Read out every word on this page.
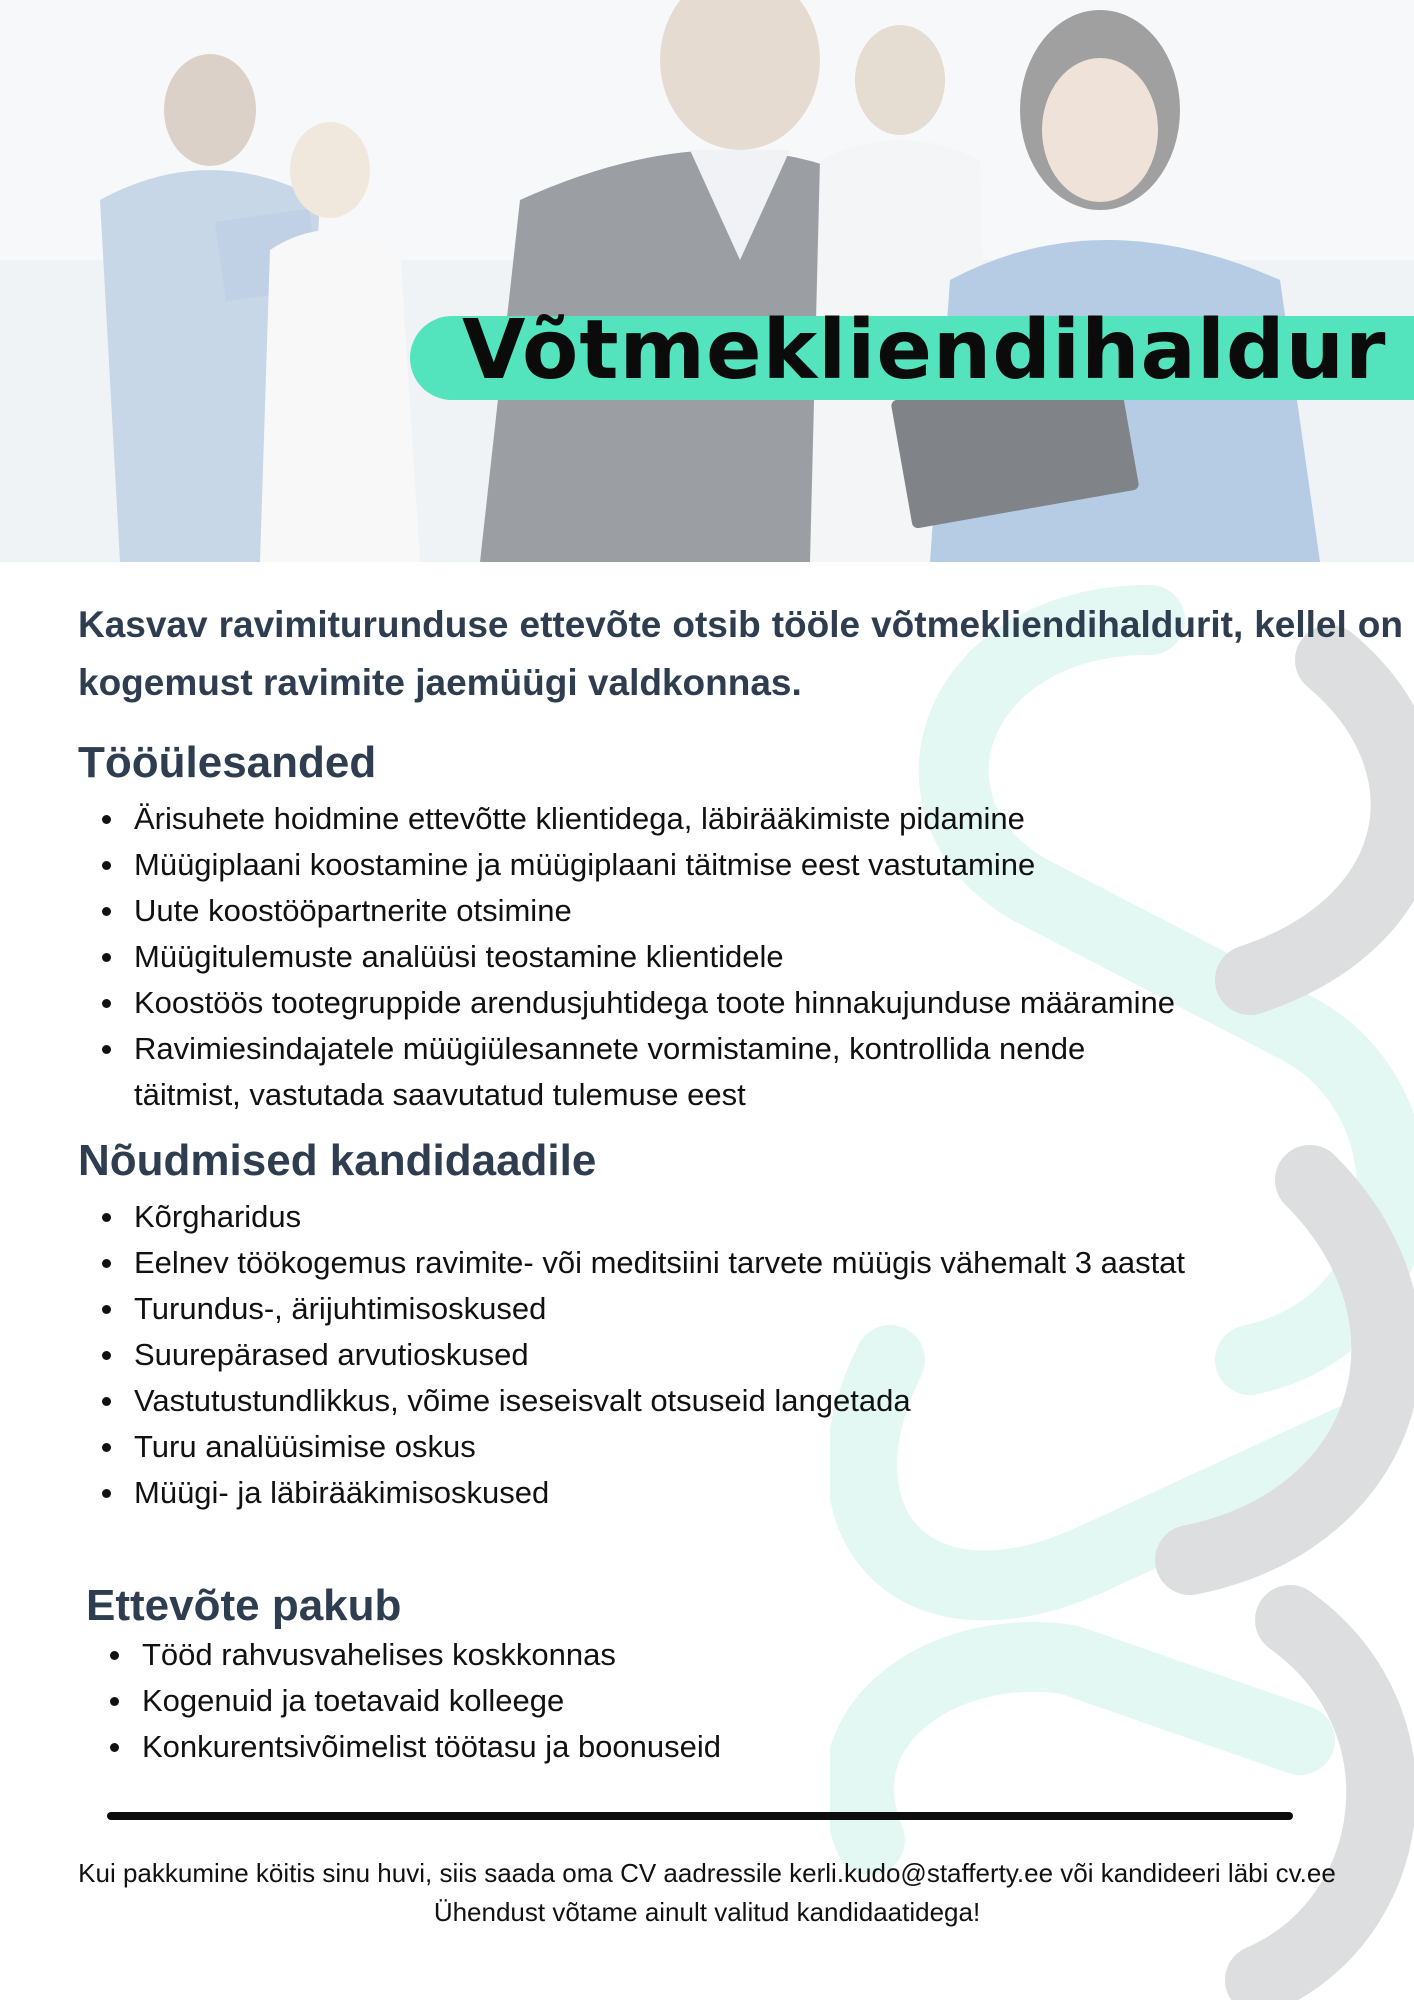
Võtmekliendihaldur

Kasvav ravimiturunduse ettevõte otsib tööle võtmekliendihaldurit, kellel on kogemust ravimite jaemüügi valdkonnas.

Tööülesanded
Ärisuhete hoidmine ettevõtte klientidega, läbirääkimiste pidamine
Müügiplaani koostamine ja müügiplaani täitmise eest vastutamine
Uute koostööpartnerite otsimine
Müügitulemuste analüüsi teostamine klientidele
Koostöös tootegruppide arendusjuhtidega toote hinnakujunduse määramine
Ravimiesindajatele müügiülesannete vormistamine, kontrollida nende täitmist, vastutada saavutatud tulemuse eest
Nõudmised kandidaadile
Kõrgharidus
Eelnev töökogemus ravimite- või meditsiini tarvete müügis vähemalt 3 aastat
Turundus-, ärijuhtimisoskused
Suurepärased arvutioskused
Vastutustundlikkus, võime iseseisvalt otsuseid langetada
Turu analüüsimise oskus
Müügi- ja läbirääkimisoskused
Ettevõte pakub
Tööd rahvusvahelises koskkonnas
Kogenuid ja toetavaid kolleege
Konkurentsivõimelist töötasu ja boonuseid
Kui pakkumine köitis sinu huvi, siis saada oma CV aadressile kerli.kudo@stafferty.ee või kandideeri läbi cv.ee
Ühendust võtame ainult valitud kandidaatidega!
